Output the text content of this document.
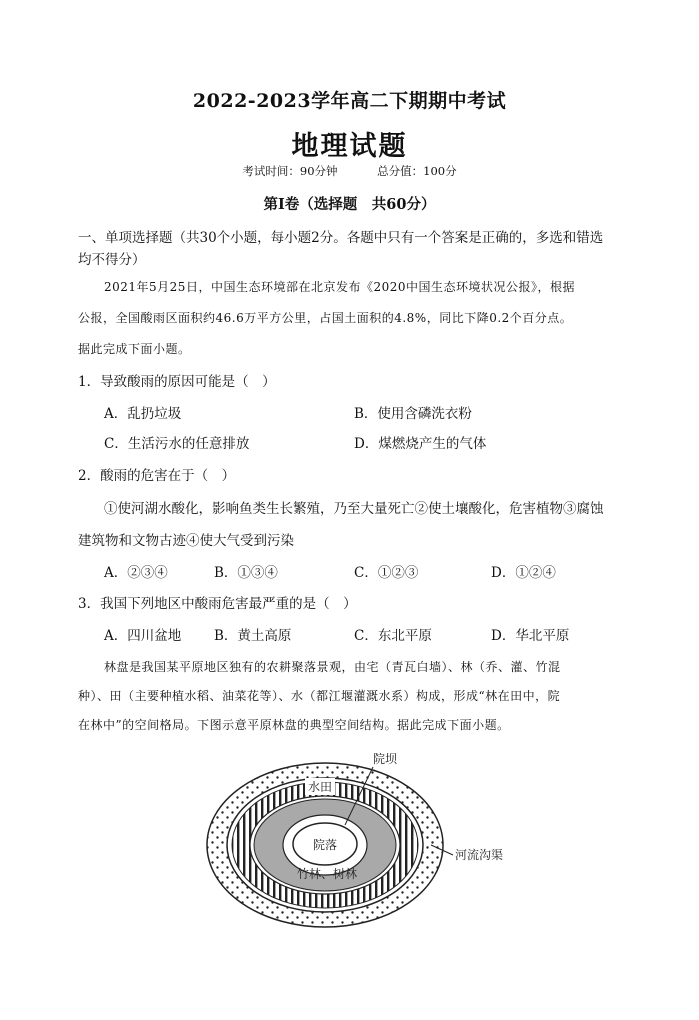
2022-2023学年高二下期期中考试
地理试题
考试时间：90分钟	总分值：100分
第Ⅰ卷（选择题　共60分）
一、单项选择题（共30个小题，每小题2分。各题中只有一个答案是正确的，多选和错选
均不得分）
2021年5月25日，中国生态环境部在北京发布《2020中国生态环境状况公报》，根据
公报，全国酸雨区面积约46.6万平方公里，占国土面积的4.8%，同比下降0.2个百分点。
据此完成下面小题。
1．导致酸雨的原因可能是（　）
A．乱扔垃圾	B．使用含磷洗衣粉
C．生活污水的任意排放	D．煤燃烧产生的气体
2．酸雨的危害在于（　）
①使河湖水酸化，影响鱼类生长繁殖，乃至大量死亡②使土壤酸化，危害植物③腐蚀
建筑物和文物古迹④使大气受到污染
A．②③④	B．①③④	C．①②③	D．①②④
3．我国下列地区中酸雨危害最严重的是（　）
A．四川盆地 B．黄土高原	C．东北平原	D．华北平原
林盘是我国某平原地区独有的农耕聚落景观，由宅（青瓦白墙）、林（乔、灌、竹混
种）、田（主要种植水稻、油菜花等）、水（都江堰灌溉水系）构成，形成“林在田中，院
在林中”的空间格局。下图示意平原林盘的典型空间结构。据此完成下面小题。
水田
院落
竹林、树林
院坝
河流沟渠
